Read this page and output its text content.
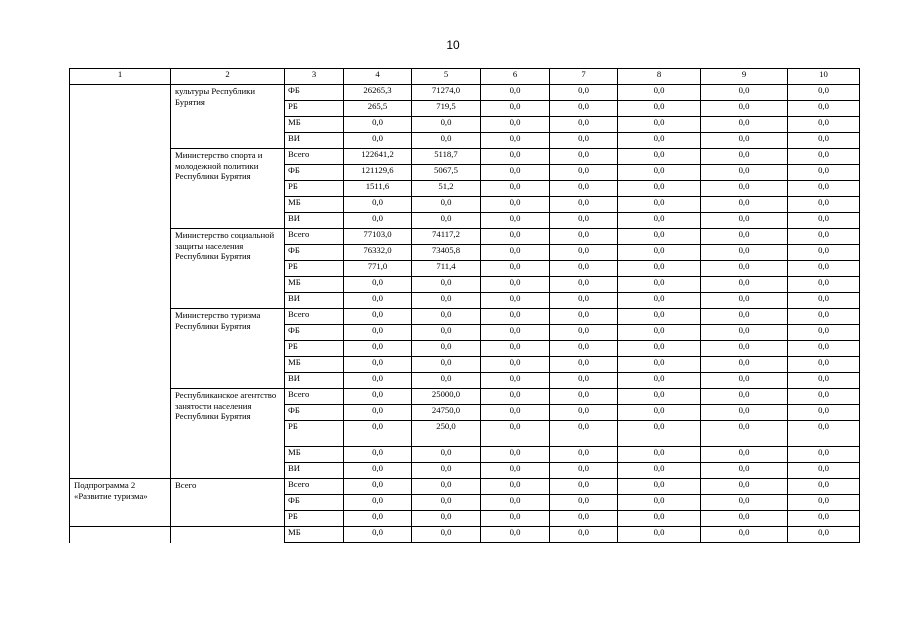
10
1	2	3	4	5	6	7	8	9	10
	культуры Республики Бурятия	ФБ	26265,3	71274,0	0,0	0,0	0,0	0,0	0,0
		РБ	265,5	719,5	0,0	0,0	0,0	0,0	0,0
		МБ	0,0	0,0	0,0	0,0	0,0	0,0	0,0
		ВИ	0,0	0,0	0,0	0,0	0,0	0,0	0,0
	Министерство спорта и молодежной политики Республики Бурятия	Всего	122641,2	5118,7	0,0	0,0	0,0	0,0	0,0
		ФБ	121129,6	5067,5	0,0	0,0	0,0	0,0	0,0
		РБ	1511,6	51,2	0,0	0,0	0,0	0,0	0,0
		МБ	0,0	0,0	0,0	0,0	0,0	0,0	0,0
		ВИ	0,0	0,0	0,0	0,0	0,0	0,0	0,0
	Министерство социальной защиты населения Республики Бурятия	Всего	77103,0	74117,2	0,0	0,0	0,0	0,0	0,0
		ФБ	76332,0	73405,8	0,0	0,0	0,0	0,0	0,0
		РБ	771,0	711,4	0,0	0,0	0,0	0,0	0,0
		МБ	0,0	0,0	0,0	0,0	0,0	0,0	0,0
		ВИ	0,0	0,0	0,0	0,0	0,0	0,0	0,0
	Министерство туризма Республики Бурятия	Всего	0,0	0,0	0,0	0,0	0,0	0,0	0,0
		ФБ	0,0	0,0	0,0	0,0	0,0	0,0	0,0
		РБ	0,0	0,0	0,0	0,0	0,0	0,0	0,0
		МБ	0,0	0,0	0,0	0,0	0,0	0,0	0,0
		ВИ	0,0	0,0	0,0	0,0	0,0	0,0	0,0
	Республиканское агентство занятости населения Республики Бурятия	Всего	0,0	25000,0	0,0	0,0	0,0	0,0	0,0
		ФБ	0,0	24750,0	0,0	0,0	0,0	0,0	0,0
		РБ	0,0	250,0	0,0	0,0	0,0	0,0	0,0
		МБ	0,0	0,0	0,0	0,0	0,0	0,0	0,0
		ВИ	0,0	0,0	0,0	0,0	0,0	0,0	0,0
Подпрограмма 2 «Развитие туризма»	Всего	Всего	0,0	0,0	0,0	0,0	0,0	0,0	0,0
		ФБ	0,0	0,0	0,0	0,0	0,0	0,0	0,0
		РБ	0,0	0,0	0,0	0,0	0,0	0,0	0,0
		МБ	0,0	0,0	0,0	0,0	0,0	0,0	0,0
